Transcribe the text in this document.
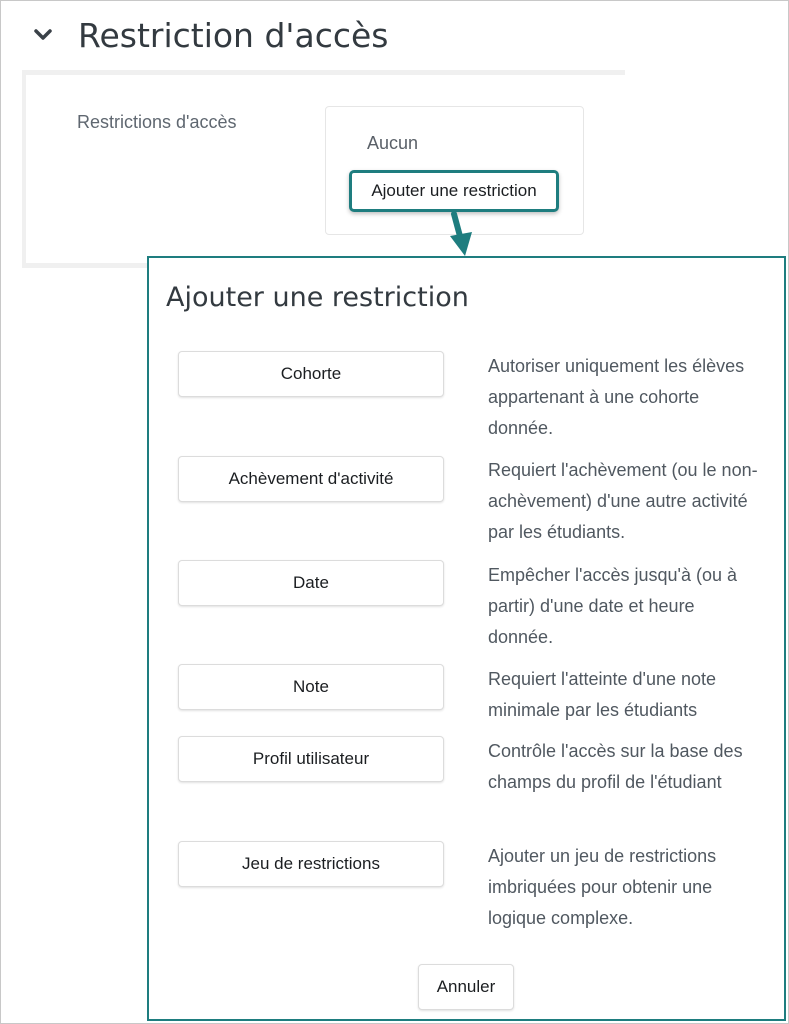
Restriction d'accès
Restrictions d'accès
Aucun
Ajouter une restriction
Ajouter une restriction
Cohorte	Autoriser uniquement les élèves appartenant à une cohorte donnée.
Achèvement d'activité	Requiert l'achèvement (ou le non-achèvement) d'une autre activité par les étudiants.
Date	Empêcher l'accès jusqu'à (ou à partir) d'une date et heure donnée.
Note	Requiert l'atteinte d'une note minimale par les étudiants
Profil utilisateur	Contrôle l'accès sur la base des champs du profil de l'étudiant
Jeu de restrictions	Ajouter un jeu de restrictions imbriquées pour obtenir une logique complexe.
Annuler
